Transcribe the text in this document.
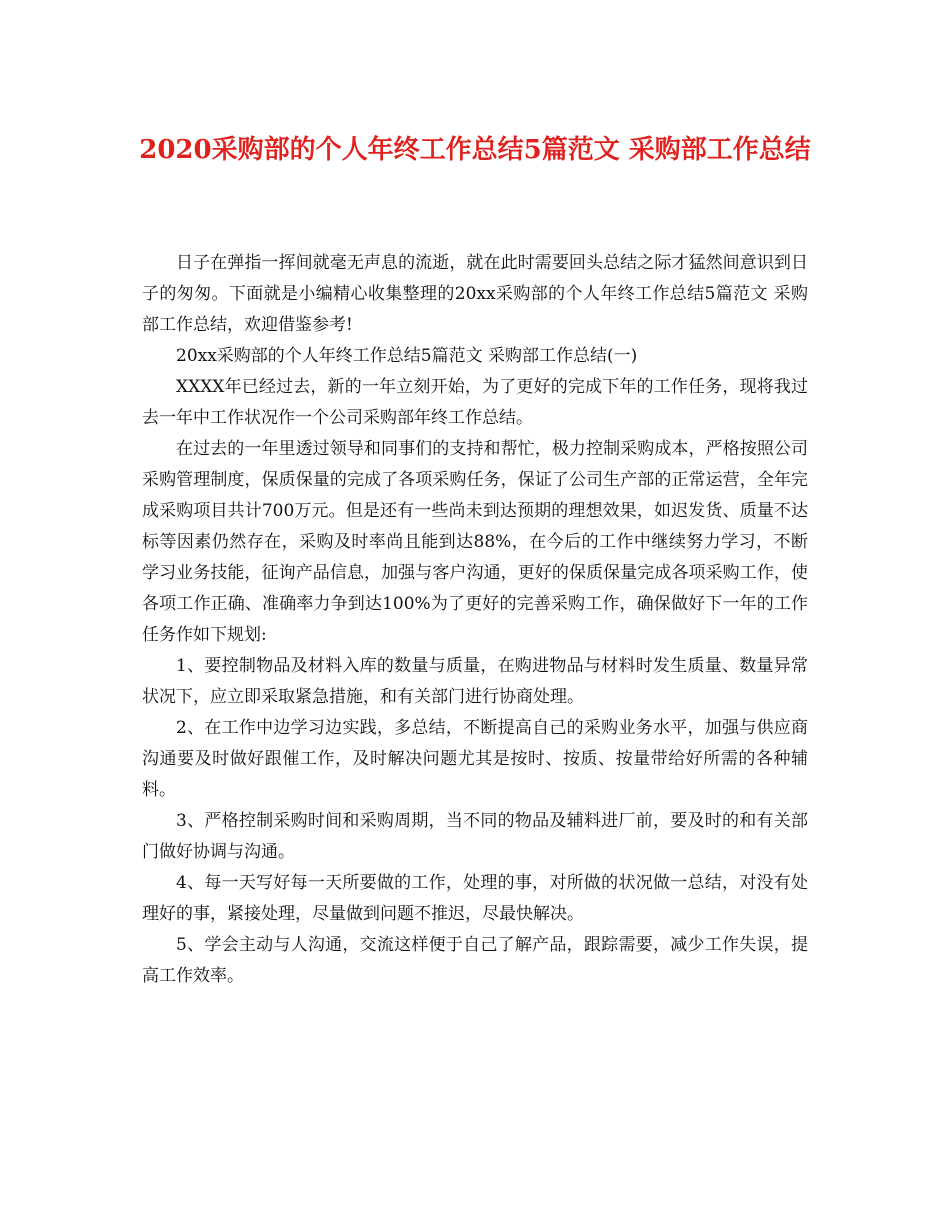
2020采购部的个人年终工作总结5篇范文 采购部工作总结

日子在弹指一挥间就毫无声息的流逝，就在此时需要回头总结之际才猛然间意识到日子的匆匆。下面就是小编精心收集整理的20xx采购部的个人年终工作总结5篇范文 采购部工作总结，欢迎借鉴参考!

20xx采购部的个人年终工作总结5篇范文 采购部工作总结(一)

XXXX年已经过去，新的一年立刻开始，为了更好的完成下年的工作任务，现将我过去一年中工作状况作一个公司采购部年终工作总结。

在过去的一年里透过领导和同事们的支持和帮忙，极力控制采购成本，严格按照公司采购管理制度，保质保量的完成了各项采购任务，保证了公司生产部的正常运营，全年完成采购项目共计700万元。但是还有一些尚未到达预期的理想效果，如迟发货、质量不达标等因素仍然存在，采购及时率尚且能到达88%，在今后的工作中继续努力学习，不断学习业务技能，征询产品信息，加强与客户沟通，更好的保质保量完成各项采购工作，使各项工作正确、准确率力争到达100%为了更好的完善采购工作，确保做好下一年的工作任务作如下规划:

1、要控制物品及材料入库的数量与质量，在购进物品与材料时发生质量、数量异常状况下，应立即采取紧急措施，和有关部门进行协商处理。

2、在工作中边学习边实践，多总结，不断提高自己的采购业务水平，加强与供应商沟通要及时做好跟催工作，及时解决问题尤其是按时、按质、按量带给好所需的各种辅料。

3、严格控制采购时间和采购周期，当不同的物品及辅料进厂前，要及时的和有关部门做好协调与沟通。

4、每一天写好每一天所要做的工作，处理的事，对所做的状况做一总结，对没有处理好的事，紧接处理，尽量做到问题不推迟，尽最快解决。

5、学会主动与人沟通，交流这样便于自己了解产品，跟踪需要，减少工作失误，提高工作效率。
